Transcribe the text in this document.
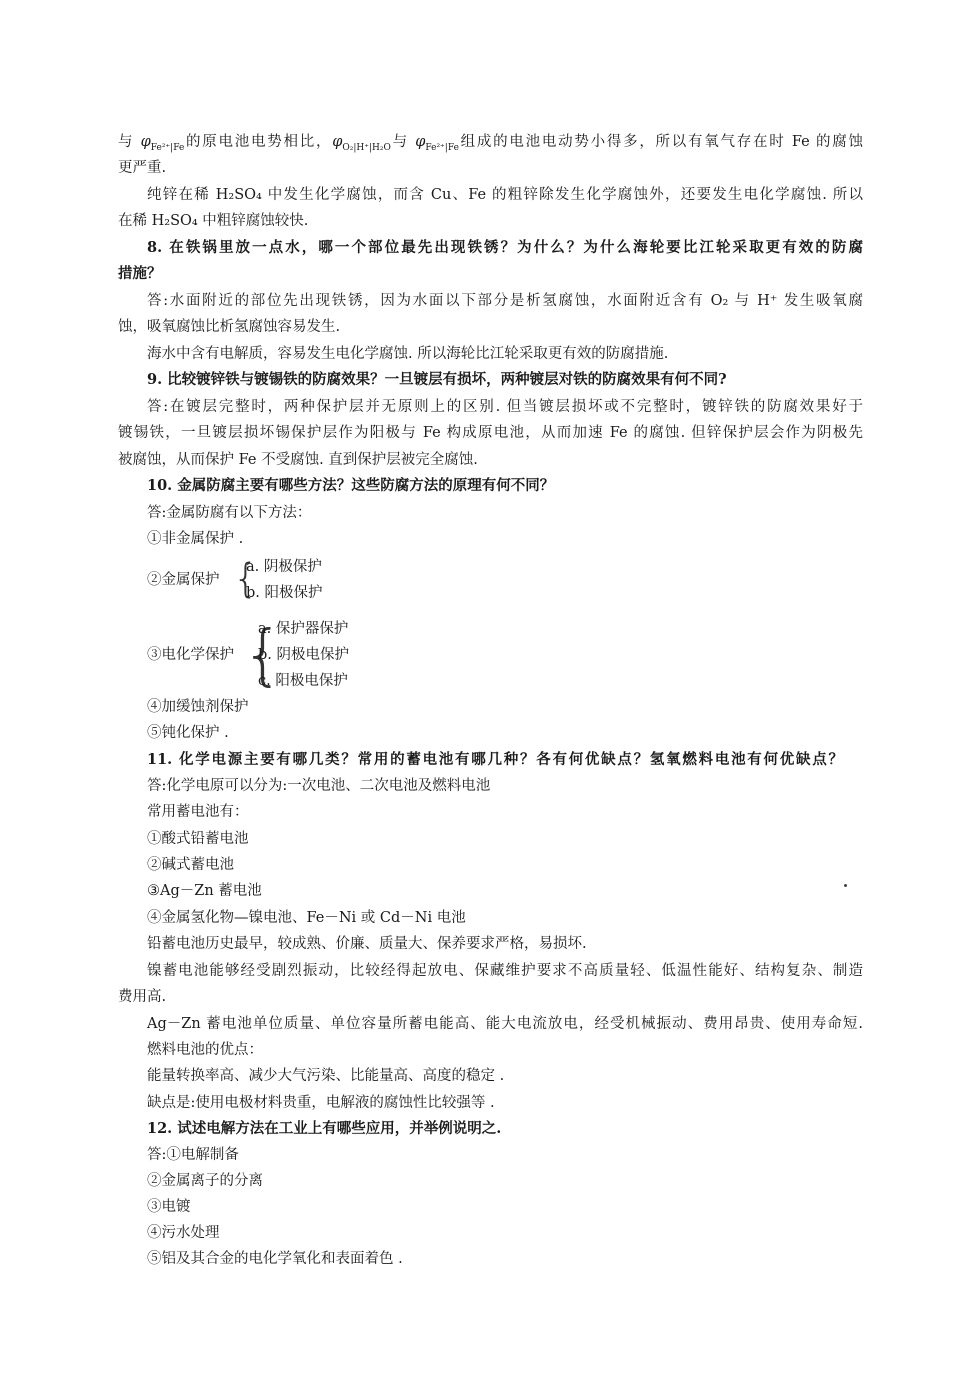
与 $\varphi_{Fe^{2+}|Fe}$的原电池电势相比，$\varphi_{O_2|H^+|H_2O}$与 $\varphi_{Fe^{2+}|Fe}$组成的电池电动势小得多，所以有氧气存在时 Fe 的腐蚀
更严重.
纯锌在稀 H₂SO₄ 中发生化学腐蚀，而含 Cu、Fe 的粗锌除发生化学腐蚀外，还要发生电化学腐蚀. 所以
在稀 H₂SO₄ 中粗锌腐蚀较快.
8. 在铁锅里放一点水，哪一个部位最先出现铁锈？为什么？为什么海轮要比江轮采取更有效的防腐
措施？
答:水面附近的部位先出现铁锈，因为水面以下部分是析氢腐蚀，水面附近含有 O₂ 与 H⁺ 发生吸氧腐
蚀，吸氧腐蚀比析氢腐蚀容易发生.
海水中含有电解质，容易发生电化学腐蚀. 所以海轮比江轮采取更有效的防腐措施.
9. 比较镀锌铁与镀锡铁的防腐效果？一旦镀层有损坏，两种镀层对铁的防腐效果有何不同?
答:在镀层完整时，两种保护层并无原则上的区别. 但当镀层损坏或不完整时，镀锌铁的防腐效果好于
镀锡铁，一旦镀层损坏锡保护层作为阳极与 Fe 构成原电池，从而加速 Fe 的腐蚀. 但锌保护层会作为阴极先
被腐蚀，从而保护 Fe 不受腐蚀. 直到保护层被完全腐蚀.
10. 金属防腐主要有哪些方法？这些防腐方法的原理有何不同？
答:金属防腐有以下方法：
①非金属保护 .
②金属保护 {
a. 阴极保护
b. 阳极保护
③电化学保护 {
a. 保护器保护
b. 阴极电保护
c. 阳极电保护
④加缓蚀剂保护
⑤钝化保护 .
11. 化学电源主要有哪几类？常用的蓄电池有哪几种？各有何优缺点？氢氧燃料电池有何优缺点？
答:化学电原可以分为:一次电池、二次电池及燃料电池
常用蓄电池有：
①酸式铅蓄电池
②碱式蓄电池
③Ag－Zn 蓄电池
④金属氢化物—镍电池、Fe－Ni 或 Cd－Ni 电池
铅蓄电池历史最早，较成熟、价廉、质量大、保养要求严格，易损坏.
镍蓄电池能够经受剧烈振动，比较经得起放电、保藏维护要求不高质量轻、低温性能好、结构复杂、制造
费用高.
Ag－Zn 蓄电池单位质量、单位容量所蓄电能高、能大电流放电，经受机械振动、费用昂贵、使用寿命短.
燃料电池的优点：
能量转换率高、减少大气污染、比能量高、高度的稳定 .
缺点是:使用电极材料贵重，电解液的腐蚀性比较强等 .
12. 试述电解方法在工业上有哪些应用，并举例说明之.
答:①电解制备
②金属离子的分离
③电镀
④污水处理
⑤铝及其合金的电化学氧化和表面着色 .
